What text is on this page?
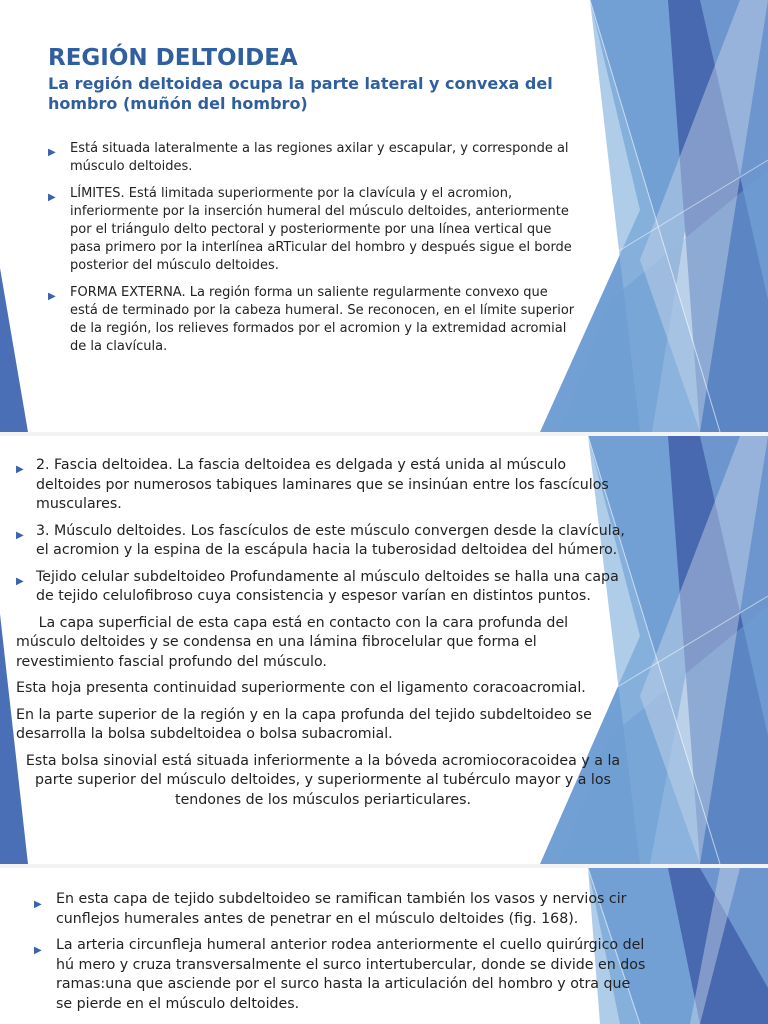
REGIÓN DELTOIDEA
La región deltoidea ocupa la parte lateral y convexa del hombro (muñón del hombro)
▶ Está situada lateralmente a las regiones axilar y escapular, y corresponde al músculo deltoides.
▶ LÍMITES. Está limitada superiormente por la clavícula y el acromion, inferiormente por la inserción humeral del músculo deltoides, anteriormente por el triángulo delto pectoral y posteriormente por una línea vertical que pasa primero por la interlínea aRTicular del hombro y después sigue el borde posterior del músculo deltoides.
▶ FORMA EXTERNA. La región forma un saliente regularmente convexo que está de terminado por la cabeza humeral. Se reconocen, en el límite superior de la región, los relieves formados por el acromion y la extremidad acromial de la clavícula.
▶ 2. Fascia deltoidea. La fascia deltoidea es delgada y está unida al músculo deltoides por numerosos tabiques laminares que se insinúan entre los fascículos musculares.
▶ 3. Músculo deltoides. Los fascículos de este músculo convergen desde la clavícula, el acromion y la espina de la escápula hacia la tuberosidad deltoidea del húmero.
▶ Tejido celular subdeltoideo Profundamente al músculo deltoides se halla una capa de tejido celulofibroso cuya consistencia y espesor varían en distintos puntos.

La capa superficial de esta capa está en contacto con la cara profunda del músculo deltoides y se condensa en una lámina fibrocelular que forma el revestimiento fascial profundo del músculo.

Esta hoja presenta continuidad superiormente con el ligamento coracoacromial.

En la parte superior de la región y en la capa profunda del tejido subdeltoideo se desarrolla la bolsa subdeltoidea o bolsa subacromial.

Esta bolsa sinovial está situada inferiormente a la bóveda acromiocoracoidea y a la parte superior del músculo deltoides, y superiormente al tubérculo mayor y a los tendones de los músculos periarticulares.

▶ En esta capa de tejido subdeltoideo se ramifican también los vasos y nervios cir cunflejos humerales antes de penetrar en el músculo deltoides (fig. 168).
▶ La arteria circunfleja humeral anterior rodea anteriormente el cuello quirúrgico del hú mero y cruza transversalmente el surco intertubercular, donde se divide en dos ramas:una que asciende por el surco hasta la articulación del hombro y otra que se pierde en el músculo deltoides.
